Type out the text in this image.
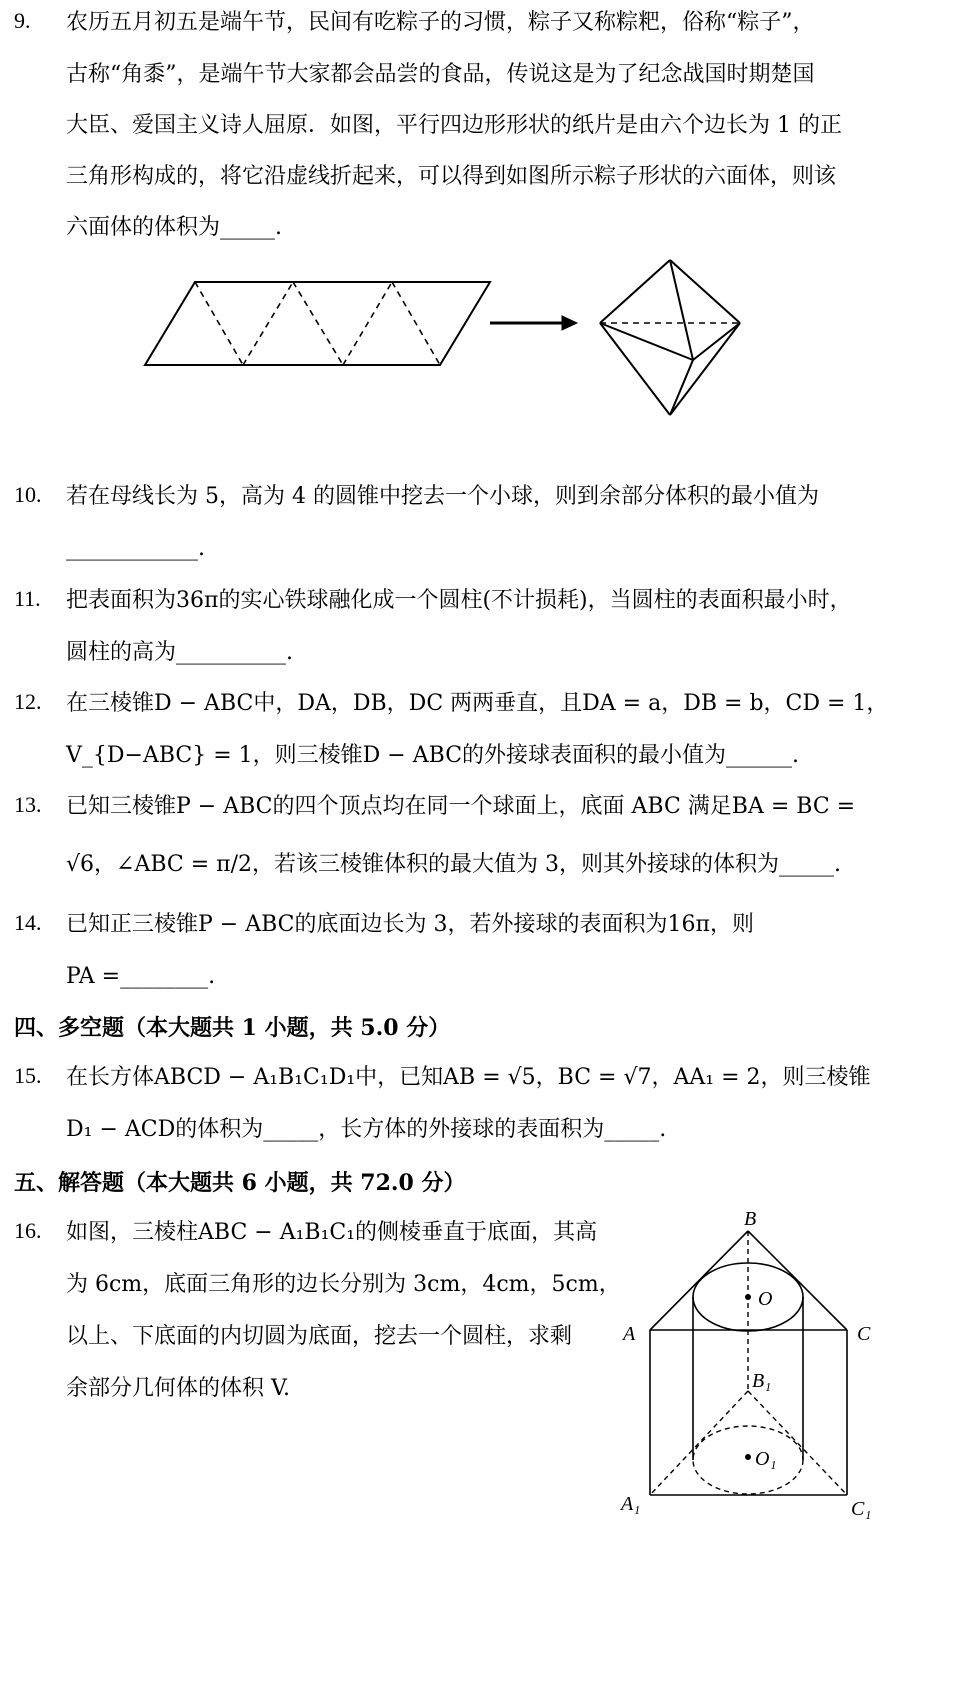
9. 农历五月初五是端午节，民间有吃粽子的习惯，粽子又称粽粑，俗称“粽子”，
古称“角黍”，是端午节大家都会品尝的食品，传说这是为了纪念战国时期楚国
大臣、爱国主义诗人屈原．如图，平行四边形形状的纸片是由六个边长为 1 的正
三角形构成的，将它沿虚线折起来，可以得到如图所示粽子形状的六面体，则该
六面体的体积为_____.
10. 若在母线长为 5，高为 4 的圆锥中挖去一个小球，则到余部分体积的最小值为
____________.
11. 把表面积为36π的实心铁球融化成一个圆柱(不计损耗)，当圆柱的表面积最小时，
圆柱的高为__________.
12. 在三棱锥D − ABC中，DA，DB，DC 两两垂直，且DA = a，DB = b，CD = 1，
V_{D−ABC} = 1，则三棱锥D − ABC的外接球表面积的最小值为______.
13. 已知三棱锥P − ABC的四个顶点均在同一个球面上，底面 ABC 满足BA = BC =
√6，∠ABC = π/2，若该三棱锥体积的最大值为 3，则其外接球的体积为_____.
14. 已知正三棱锥P − ABC的底面边长为 3，若外接球的表面积为16π，则
PA =________.
四、多空题（本大题共 1 小题，共 5.0 分）
15. 在长方体ABCD − A₁B₁C₁D₁中，已知AB = √5，BC = √7，AA₁ = 2，则三棱锥
D₁ − ACD的体积为_____，长方体的外接球的表面积为_____.
五、解答题（本大题共 6 小题，共 72.0 分）
16. 如图，三棱柱ABC − A₁B₁C₁的侧棱垂直于底面，其高
为 6cm，底面三角形的边长分别为 3cm，4cm，5cm，
以上、下底面的内切圆为底面，挖去一个圆柱，求剩
余部分几何体的体积 V.
B
O
A	C
B₁
O₁
A₁	C₁
